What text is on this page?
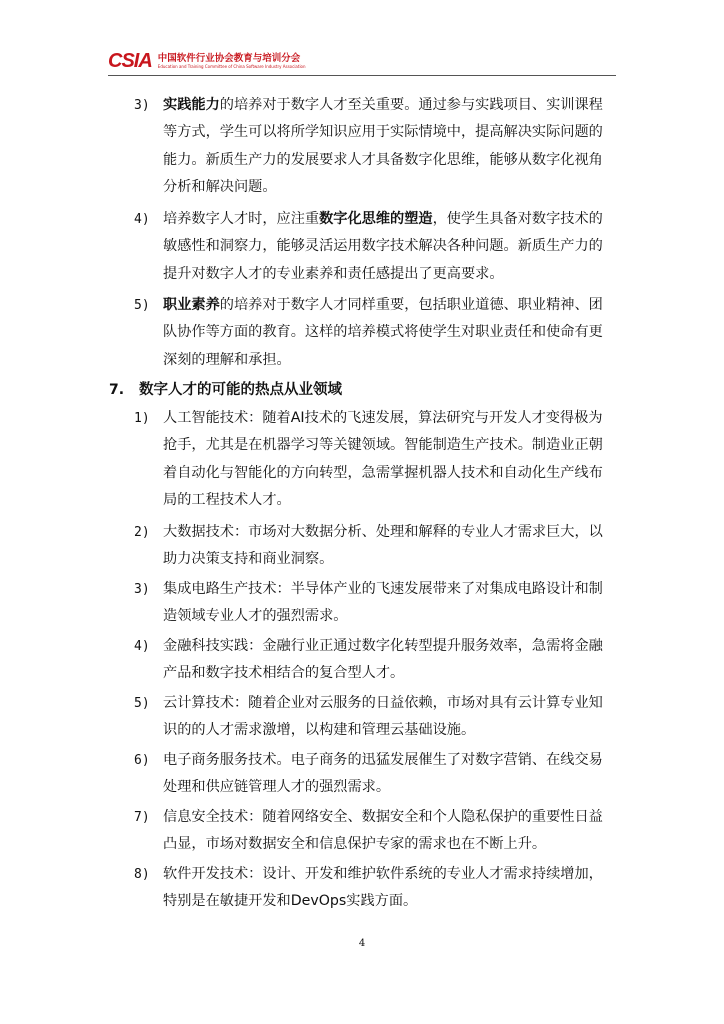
CSIA 中国软件行业协会教育与培训分会
Education and Training Committee of China Software Industry Association
3) 实践能力的培养对于数字人才至关重要。通过参与实践项目、实训课程等方式，学生可以将所学知识应用于实际情境中，提高解决实际问题的能力。新质生产力的发展要求人才具备数字化思维，能够从数字化视角分析和解决问题。
4) 培养数字人才时，应注重数字化思维的塑造，使学生具备对数字技术的敏感性和洞察力，能够灵活运用数字技术解决各种问题。新质生产力的提升对数字人才的专业素养和责任感提出了更高要求。
5) 职业素养的培养对于数字人才同样重要，包括职业道德、职业精神、团队协作等方面的教育。这样的培养模式将使学生对职业责任和使命有更深刻的理解和承担。
7. 数字人才的可能的热点从业领域
1) 人工智能技术：随着AI技术的飞速发展，算法研究与开发人才变得极为抢手，尤其是在机器学习等关键领域。智能制造生产技术。制造业正朝着自动化与智能化的方向转型，急需掌握机器人技术和自动化生产线布局的工程技术人才。
2) 大数据技术：市场对大数据分析、处理和解释的专业人才需求巨大，以助力决策支持和商业洞察。
3) 集成电路生产技术：半导体产业的飞速发展带来了对集成电路设计和制造领域专业人才的强烈需求。
4) 金融科技实践：金融行业正通过数字化转型提升服务效率，急需将金融产品和数字技术相结合的复合型人才。
5) 云计算技术：随着企业对云服务的日益依赖，市场对具有云计算专业知识的的人才需求激增，以构建和管理云基础设施。
6) 电子商务服务技术。电子商务的迅猛发展催生了对数字营销、在线交易处理和供应链管理人才的强烈需求。
7) 信息安全技术：随着网络安全、数据安全和个人隐私保护的重要性日益凸显，市场对数据安全和信息保护专家的需求也在不断上升。
8) 软件开发技术：设计、开发和维护软件系统的专业人才需求持续增加，特别是在敏捷开发和DevOps实践方面。
4
